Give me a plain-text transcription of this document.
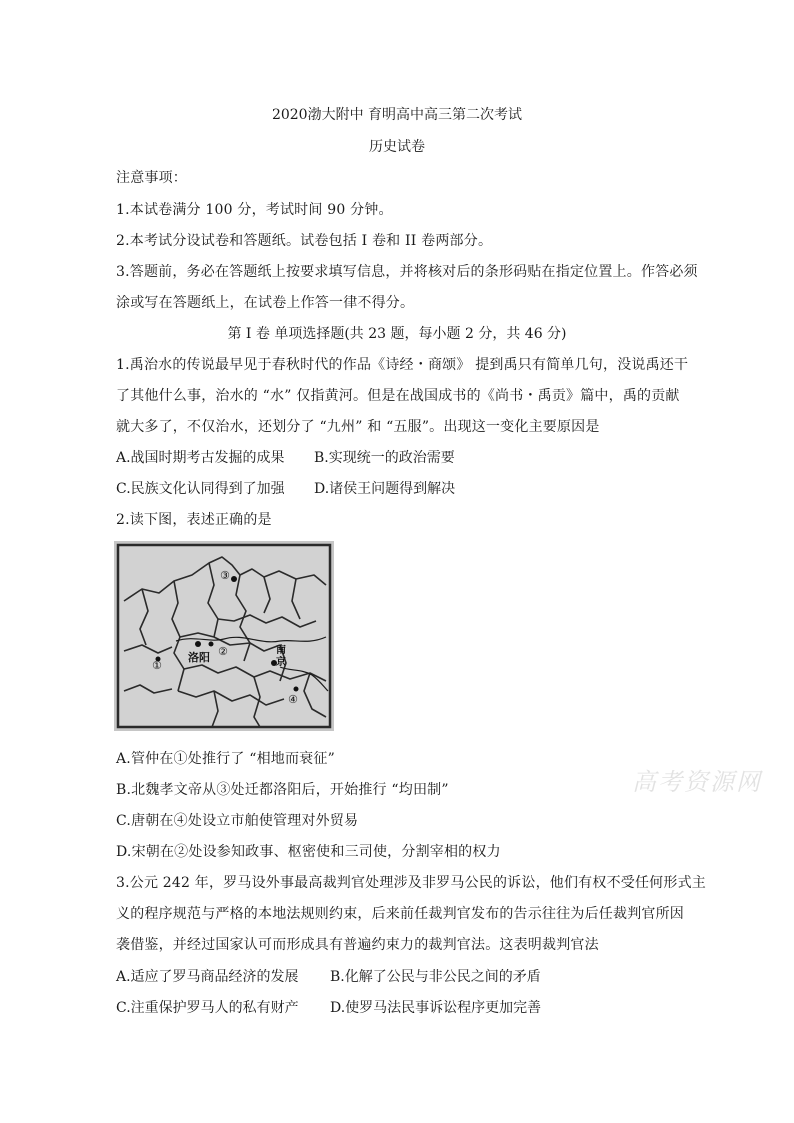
2020渤大附中 育明高中高三第二次考试
历史试卷
注意事项：
1.本试卷满分 100 分，考试时间 90 分钟。
2.本考试分设试卷和答题纸。试卷包括 I 卷和 II 卷两部分。
3.答题前，务必在答题纸上按要求填写信息，并将核对后的条形码贴在指定位置上。作答必须
涂或写在答题纸上，在试卷上作答一律不得分。
第 I 卷 单项选择题(共 23 题，每小题 2 分，共 46 分)
1.禹治水的传说最早见于春秋时代的作品《诗经・商颂》 提到禹只有简单几句，没说禹还干
了其他什么事，治水的 “水” 仅指黄河。但是在战国成书的《尚书・禹贡》篇中，禹的贡献
就大多了，不仅治水，还划分了 “九州” 和 “五服”。出现这一变化主要原因是
A.战国时期考古发掘的成果 B.实现统一的政治需要
C.民族文化认同得到了加强 D.诸侯王问题得到解决
2.读下图，表述正确的是
③
②
①
④
洛阳
南
京
A.管仲在①处推行了 “相地而衰征”
B.北魏孝文帝从③处迁都洛阳后，开始推行 “均田制”
C.唐朝在④处设立市舶使管理对外贸易
D.宋朝在②处设参知政事、枢密使和三司使，分割宰相的权力
高考资源网
3.公元 242 年，罗马设外事最高裁判官处理涉及非罗马公民的诉讼，他们有权不受任何形式主
义的程序规范与严格的本地法规则约束，后来前任裁判官发布的告示往往为后任裁判官所因
袭借鉴，并经过国家认可而形成具有普遍约束力的裁判官法。这表明裁判官法
A.适应了罗马商品经济的发展 B.化解了公民与非公民之间的矛盾
C.注重保护罗马人的私有财产 D.使罗马法民事诉讼程序更加完善
